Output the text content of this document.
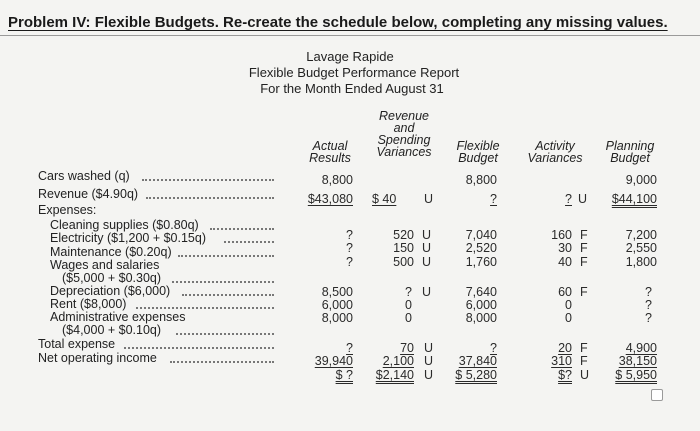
Problem IV: Flexible Budgets. Re-create the schedule below, completing any missing values.
Lavage Rapide
Flexible Budget Performance Report
For the Month Ended August 31
Actual
Results
Revenue
and
Spending
Variances	Flexible
Budget
Activity
Variances
Planning
Budget
Cars washed (q)
Revenue ($4.90q)
Expenses:
Cleaning supplies ($0.80q)
Electricity ($1,200 + $0.15q)
Maintenance ($0.20q)
Wages and salaries
($5,000 + $0.30q)
Depreciation ($6,000)
Rent ($8,000)
Administrative expenses
($4,000 + $0.10q)
Total expense
Net operating income
8,800
$43,080
?
?
?
8,500
6,000
8,000
?
39,940
$ ?
$ 40 U
520 U
150 U
500 U
? U
0
0
70 U
2,100 U
$2,140 U
8,800
?
7,040
2,520
1,760
7,640
6,000
8,000
?
37,840
$ 5,280
? U
160 F
30 F
40 F
60 F
0
0
20 F
310 F
$? U
9,000
$44,100
7,200
2,550
1,800
?
?
?
4,900
38,150
$ 5,950
